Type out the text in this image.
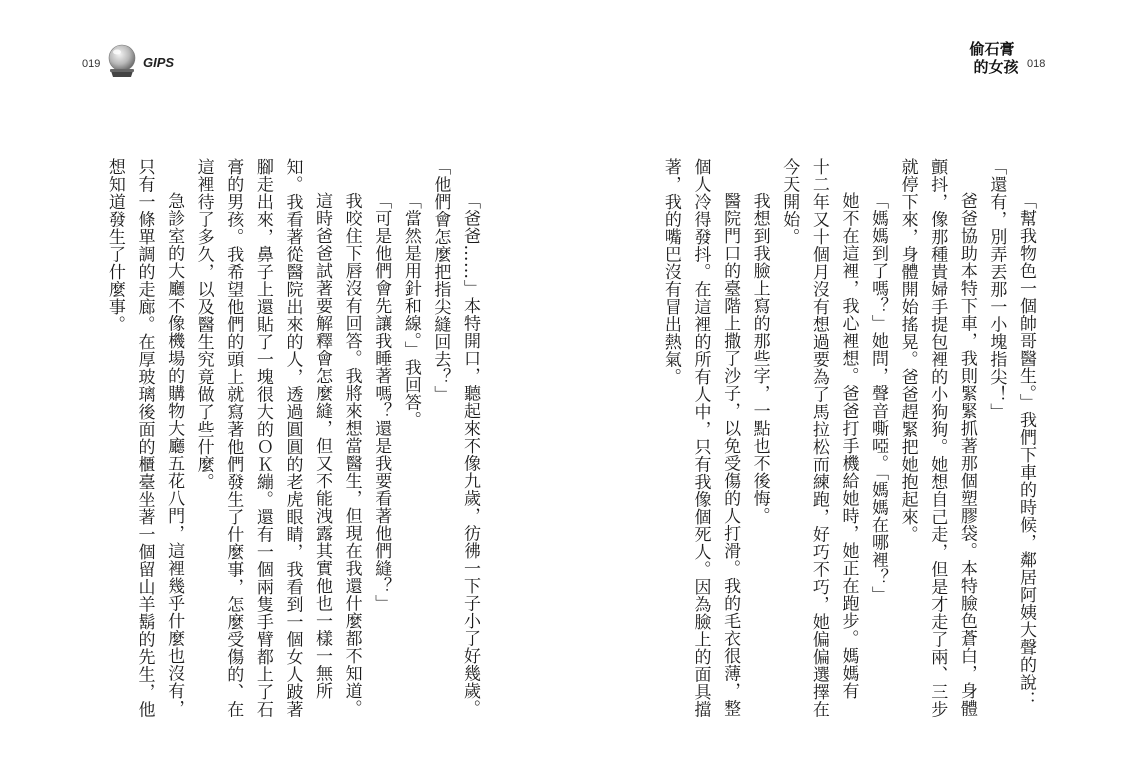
019	GIPS
偷石膏
的女孩 018

「幫我物色一個帥哥醫生。」我們下車的時候，鄰居阿姨大聲的說：

「還有，別弄丟那一小塊指尖！」

爸爸協助本特下車，我則緊緊抓著那個塑膠袋。本特臉色蒼白，身體

顫抖，像那種貴婦手提包裡的小狗狗。她想自己走，但是才走了兩、三步

就停下來，身體開始搖晃。爸爸趕緊把她抱起來。

「媽媽到了嗎？」她問，聲音嘶啞。「媽媽在哪裡？」

她不在這裡，我心裡想。爸爸打手機給她時，她正在跑步。媽媽有

十二年又十個月沒有想過要為了馬拉松而練跑，好巧不巧，她偏偏選擇在

今天開始。

我想到我臉上寫的那些字，一點也不後悔。

醫院門口的臺階上撒了沙子，以免受傷的人打滑。我的毛衣很薄，整

個人冷得發抖。在這裡的所有人中，只有我像個死人。因為臉上的面具擋

著，我的嘴巴沒有冒出熱氣。

「爸爸……」本特開口，聽起來不像九歲，彷彿一下子小了好幾歲。

「他們會怎麼把指尖縫回去？」

「當然是用針和線。」我回答。

「可是他們會先讓我睡著嗎？還是我要看著他們縫？」

我咬住下唇沒有回答。我將來想當醫生，但現在我還什麼都不知道。

這時爸爸試著要解釋會怎麼縫，但又不能洩露其實他也一樣一無所

知。我看著從醫院出來的人，透過圓圓的老虎眼睛，我看到一個女人跛著

腳走出來，鼻子上還貼了一塊很大的ＯＫ繃。還有一個兩隻手臂都上了石

膏的男孩。我希望他們的頭上就寫著他們發生了什麼事，怎麼受傷的、在

這裡待了多久，以及醫生究竟做了些什麼。

急診室的大廳不像機場的購物大廳五花八門，這裡幾乎什麼也沒有，

只有一條單調的走廊。在厚玻璃後面的櫃臺坐著一個留山羊鬍的先生，他

想知道發生了什麼事。
